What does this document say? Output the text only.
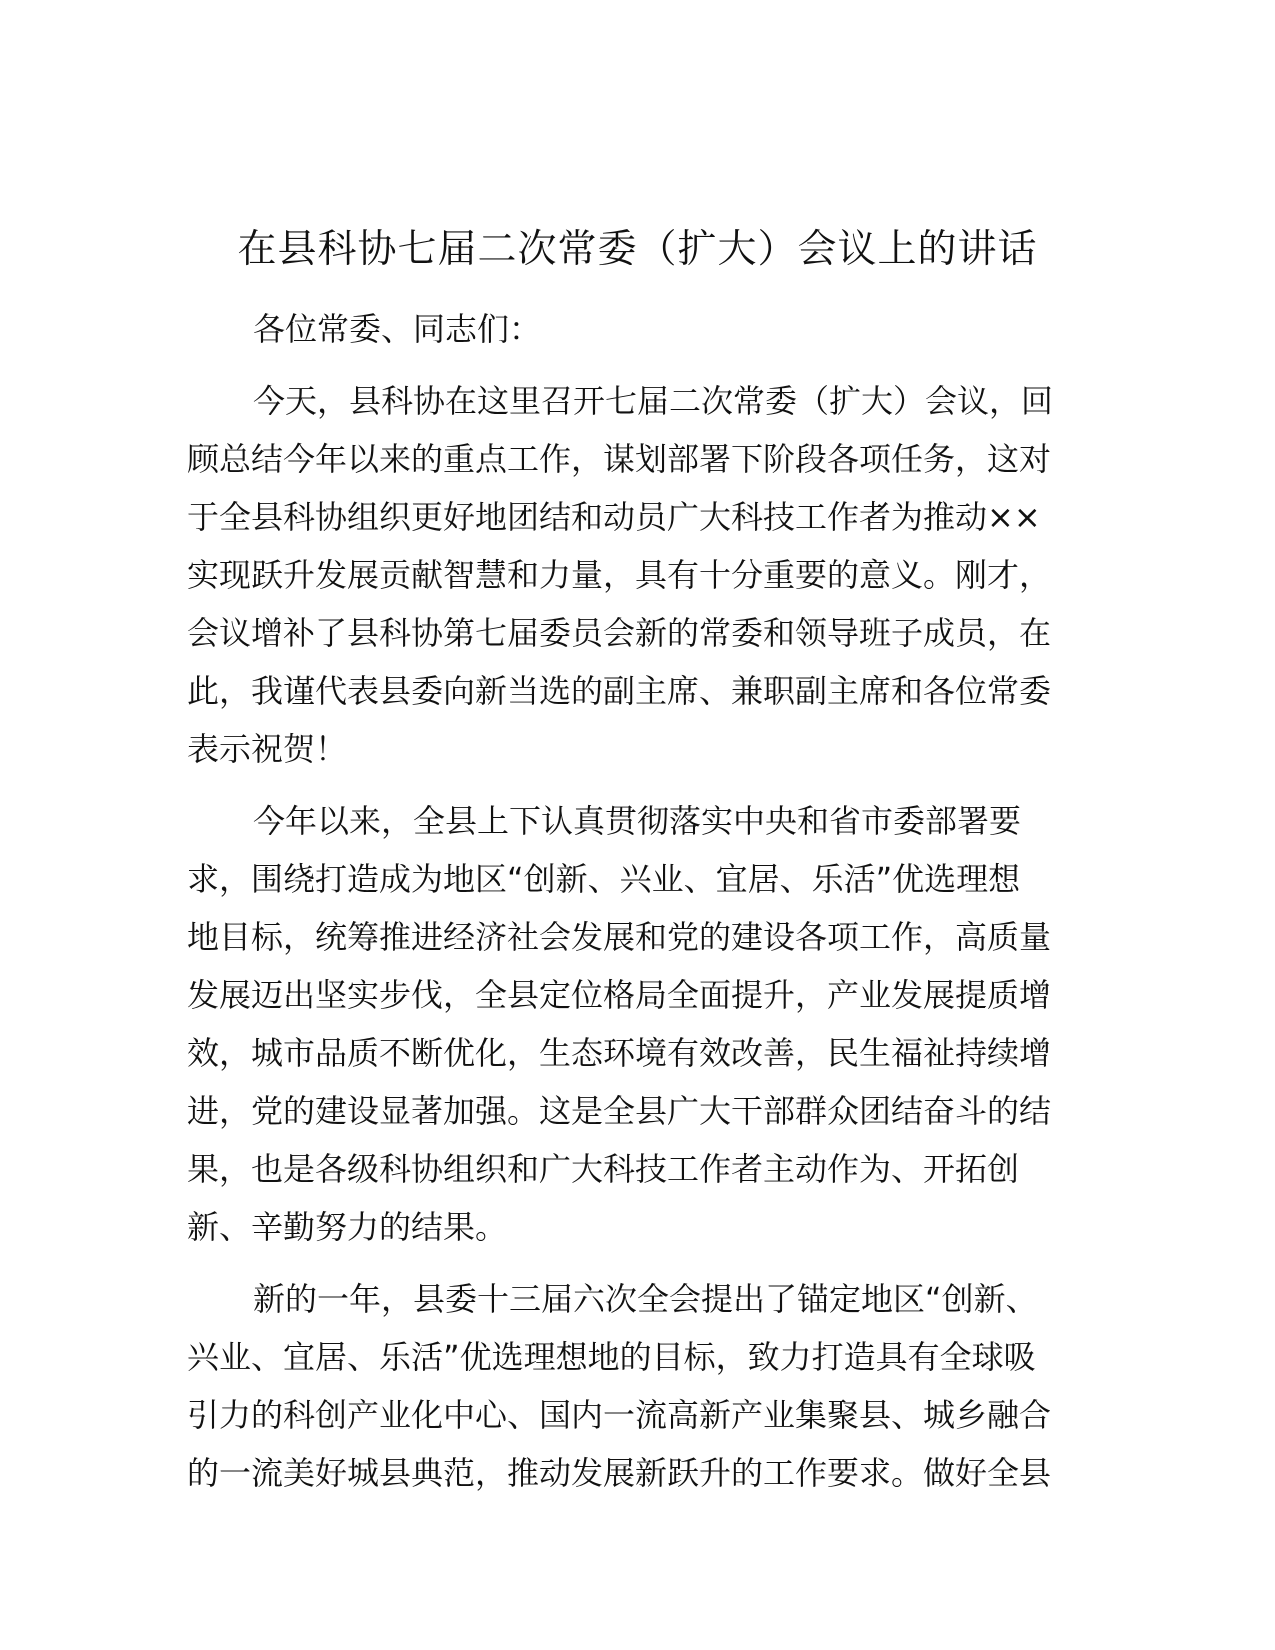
在县科协七届二次常委（扩大）会议上的讲话

各位常委、同志们：

今天，县科协在这里召开七届二次常委（扩大）会议，回
顾总结今年以来的重点工作，谋划部署下阶段各项任务，这对
于全县科协组织更好地团结和动员广大科技工作者为推动××
实现跃升发展贡献智慧和力量，具有十分重要的意义。刚才，
会议增补了县科协第七届委员会新的常委和领导班子成员，在
此，我谨代表县委向新当选的副主席、兼职副主席和各位常委
表示祝贺！

今年以来，全县上下认真贯彻落实中央和省市委部署要
求，围绕打造成为地区“创新、兴业、宜居、乐活”优选理想
地目标，统筹推进经济社会发展和党的建设各项工作，高质量
发展迈出坚实步伐，全县定位格局全面提升，产业发展提质增
效，城市品质不断优化，生态环境有效改善，民生福祉持续增
进，党的建设显著加强。这是全县广大干部群众团结奋斗的结
果，也是各级科协组织和广大科技工作者主动作为、开拓创
新、辛勤努力的结果。

新的一年，县委十三届六次全会提出了锚定地区“创新、
兴业、宜居、乐活”优选理想地的目标，致力打造具有全球吸
引力的科创产业化中心、国内一流高新产业集聚县、城乡融合
的一流美好城县典范，推动发展新跃升的工作要求。做好全县
